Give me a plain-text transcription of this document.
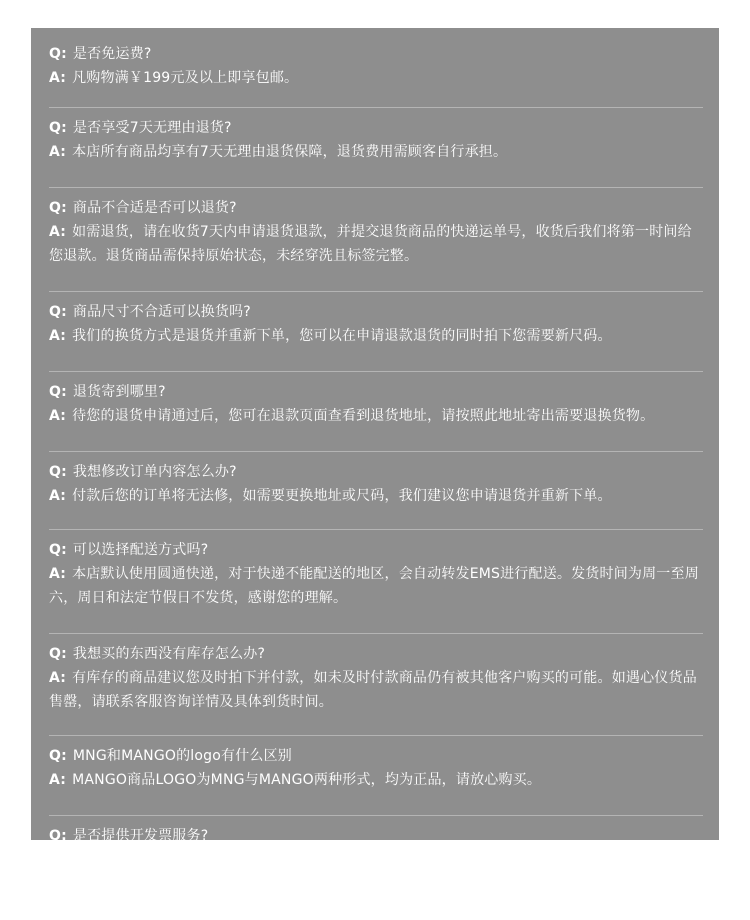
Q: 是否免运费?
A: 凡购物满￥199元及以上即享包邮。
Q: 是否享受7天无理由退货?
A: 本店所有商品均享有7天无理由退货保障，退货费用需顾客自行承担。
Q: 商品不合适是否可以退货?
A: 如需退货，请在收货7天内申请退货退款，并提交退货商品的快递运单号，收货后我们将第一时间给您退款。退货商品需保持原始状态，未经穿洗且标签完整。
Q: 商品尺寸不合适可以换货吗?
A: 我们的换货方式是退货并重新下单，您可以在申请退款退货的同时拍下您需要新尺码。
Q: 退货寄到哪里?
A: 待您的退货申请通过后，您可在退款页面查看到退货地址，请按照此地址寄出需要退换货物。
Q: 我想修改订单内容怎么办?
A: 付款后您的订单将无法修，如需要更换地址或尺码，我们建议您申请退货并重新下单。
Q: 可以选择配送方式吗?
A: 本店默认使用圆通快递，对于快递不能配送的地区，会自动转发EMS进行配送。发货时间为周一至周六，周日和法定节假日不发货，感谢您的理解。
Q: 我想买的东西没有库存怎么办?
A: 有库存的商品建议您及时拍下并付款，如未及时付款商品仍有被其他客户购买的可能。如遇心仪货品售罄，请联系客服咨询详情及具体到货时间。
Q: MNG和MANGO的logo有什么区别
A: MANGO商品LOGO为MNG与MANGO两种形式，均为正品，请放心购买。
Q: 是否提供开发票服务?
A: 目前本店仅提供电子发票，您可以在“已购买宝贝”的订单页 - 订单详情中选择“申请发票”并确认发票抬头（默认是收货人姓名），确认收货后就可以在相同位置查看和下载电子发票。
